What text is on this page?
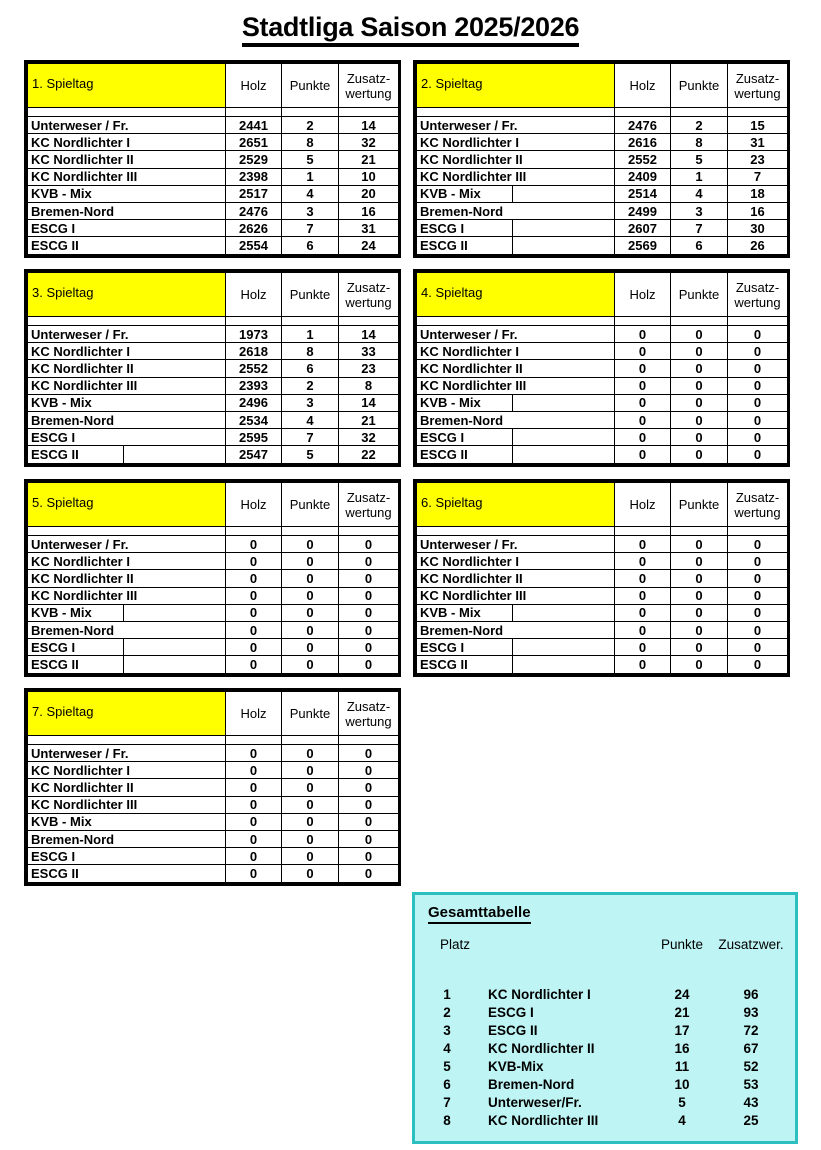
Stadtliga Saison 2025/2026
1. Spieltag	Holz	Punkte	Zusatz-
wertung

Unterweser / Fr.	2441	2	14
KC Nordlichter I	2651	8	32
KC Nordlichter II	2529	5	21
KC Nordlichter III	2398	1	10
KVB - Mix	2517	4	20
Bremen-Nord	2476	3	16
ESCG I	2626	7	31
ESCG II	2554	6	24
2. Spieltag	Holz	Punkte	Zusatz-
wertung

Unterweser / Fr.	2476	2	15
KC Nordlichter I	2616	8	31
KC Nordlichter II	2552	5	23
KC Nordlichter III	2409	1	7
KVB - Mix	2514	4	18
Bremen-Nord	2499	3	16
ESCG I	2607	7	30
ESCG II	2569	6	26
3. Spieltag	Holz	Punkte	Zusatz-
wertung

Unterweser / Fr.	1973	1	14
KC Nordlichter I	2618	8	33
KC Nordlichter II	2552	6	23
KC Nordlichter III	2393	2	8
KVB - Mix	2496	3	14
Bremen-Nord	2534	4	21
ESCG I	2595	7	32
ESCG II	2547	5	22
4. Spieltag	Holz	Punkte	Zusatz-
wertung

Unterweser / Fr.	0	0	0
KC Nordlichter I	0	0	0
KC Nordlichter II	0	0	0
KC Nordlichter III	0	0	0
KVB - Mix	0	0	0
Bremen-Nord	0	0	0
ESCG I	0	0	0
ESCG II	0	0	0
5. Spieltag	Holz	Punkte	Zusatz-
wertung

Unterweser / Fr.	0	0	0
KC Nordlichter I	0	0	0
KC Nordlichter II	0	0	0
KC Nordlichter III	0	0	0
KVB - Mix	0	0	0
Bremen-Nord	0	0	0
ESCG I	0	0	0
ESCG II	0	0	0
6. Spieltag	Holz	Punkte	Zusatz-
wertung

Unterweser / Fr.	0	0	0
KC Nordlichter I	0	0	0
KC Nordlichter II	0	0	0
KC Nordlichter III	0	0	0
KVB - Mix	0	0	0
Bremen-Nord	0	0	0
ESCG I	0	0	0
ESCG II	0	0	0
7. Spieltag	Holz	Punkte	Zusatz-
wertung

Unterweser / Fr.	0	0	0
KC Nordlichter I	0	0	0
KC Nordlichter II	0	0	0
KC Nordlichter III	0	0	0
KVB - Mix	0	0	0
Bremen-Nord	0	0	0
ESCG I	0	0	0
ESCG II	0	0	0
Gesamttabelle
Platz		Punkte	Zusatzwer.

1	KC Nordlichter I	24	96
2	ESCG I	21	93
3	ESCG II	17	72
4	KC Nordlichter II	16	67
5	KVB-Mix	11	52
6	Bremen-Nord	10	53
7	Unterweser/Fr.	5	43
8	KC Nordlichter III	4	25
